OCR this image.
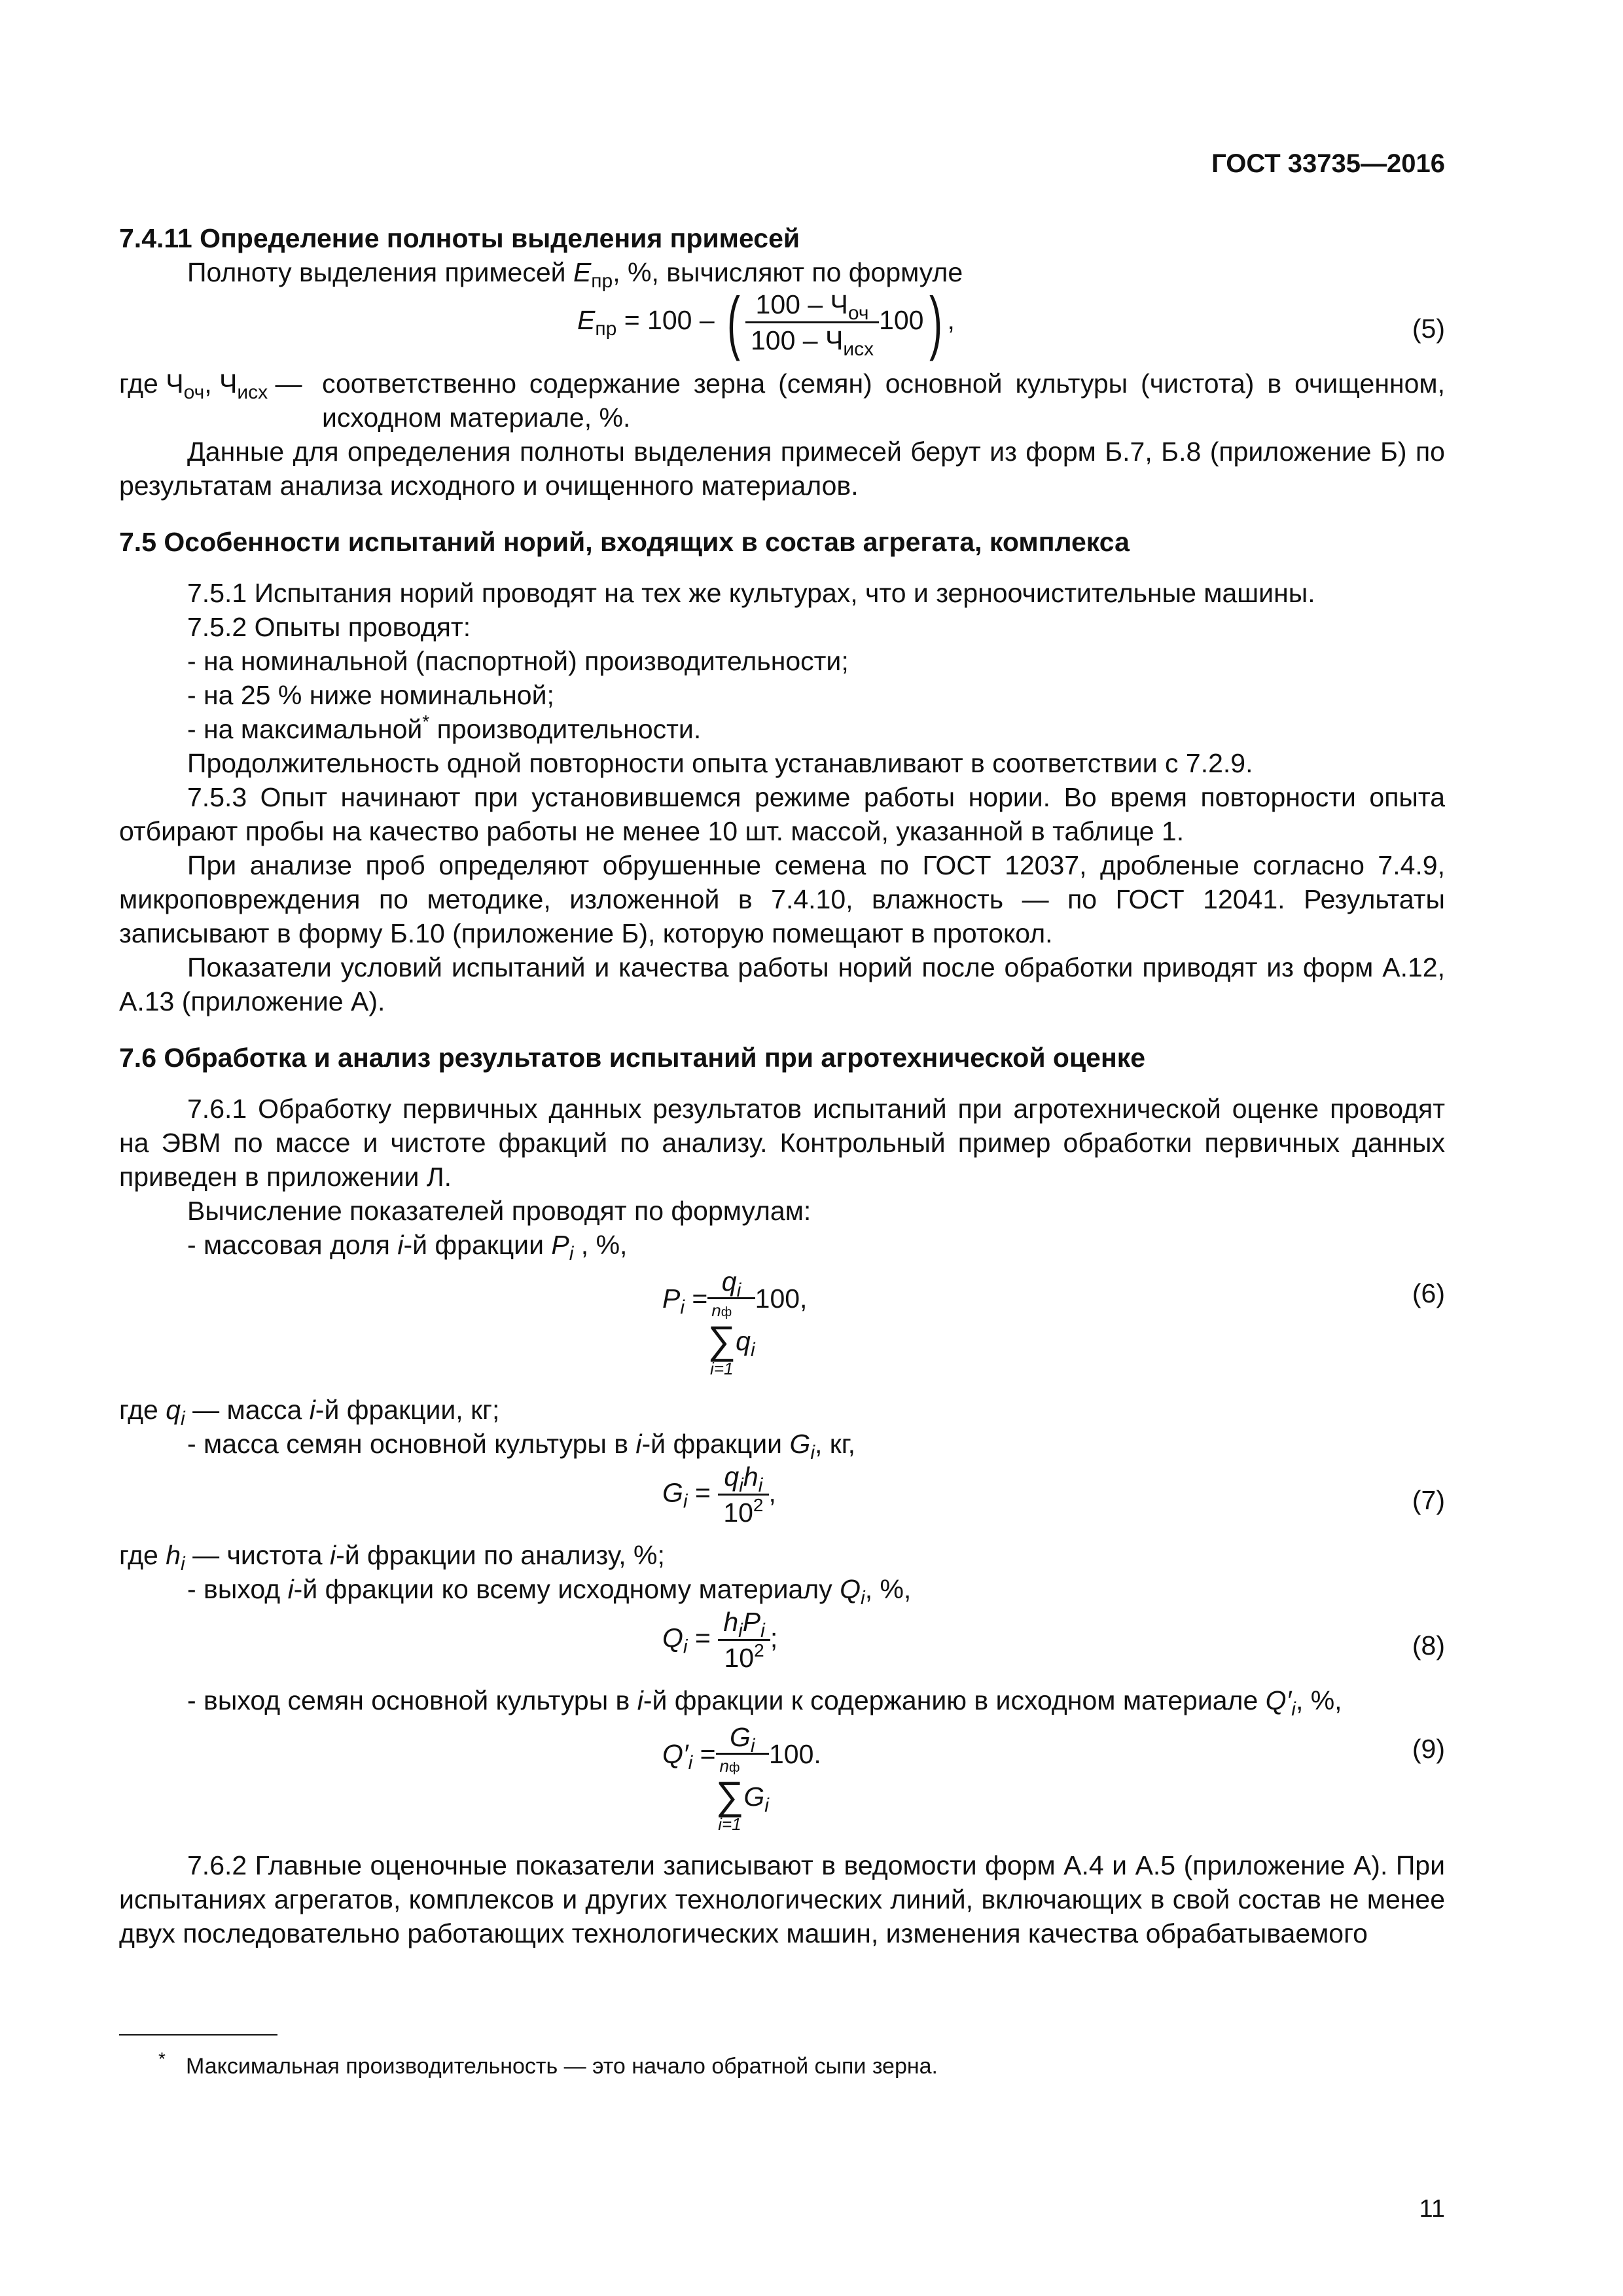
ГОСТ 33735—2016

7.4.11 Определение полноты выделения примесей

Полноту выделения примесей $E_{пр}$, %, вычисляют по формуле

$E_{пр} = 100$ – ( $\frac{100 - Ч_{оч}}{100 - Ч_{исх}} 100$) ,	(5)
где $Ч_{оч}$, $Ч_{исх}$ — соответственно содержание зерна (семян) основной культуры (чистота) в очищенном, исходном материале, %.

Данные для определения полноты выделения примесей берут из форм Б.7, Б.8 (приложение Б) по результатам анализа исходного и очищенного материалов.

7.5 Особенности испытаний норий, входящих в состав агрегата, комплекса

7.5.1 Испытания норий проводят на тех же культурах, что и зерноочистительные машины.

7.5.2 Опыты проводят:

- на номинальной (паспортной) производительности;

- на 25 % ниже номинальной;

- на максимальной* производительности.

Продолжительность одной повторности опыта устанавливают в соответствии с 7.2.9.

7.5.3 Опыт начинают при установившемся режиме работы нории. Во время повторности опыта отбирают пробы на качество работы не менее 10 шт. массой, указанной в таблице 1.

При анализе проб определяют обрушенные семена по ГОСТ 12037, дробленые согласно 7.4.9, микроповреждения по методике, изложенной в 7.4.10, влажность — по ГОСТ 12041. Результаты записывают в форму Б.10 (приложение Б), которую помещают в протокол.

Показатели условий испытаний и качества работы норий после обработки приводят из форм А.12, А.13 (приложение А).

7.6 Обработка и анализ результатов испытаний при агротехнической оценке

7.6.1 Обработку первичных данных результатов испытаний при агротехнической оценке проводят на ЭВМ по массе и чистоте фракций по анализу. Контрольный пример обработки первичных данных приведен в приложении Л.

Вычисление показателей проводят по формулам:

- массовая доля i-й фракции $P_i$ , %,

$P_i$ =
$q_i$
nф
∑
i=1
$q_i$
100,	(6)

где $q_i$ — масса i-й фракции, кг;

- масса семян основной культуры в i-й фракции $G_i$, кг,

$G_i = \frac{q_ih_i}{10^2}$ ,	(7)

где $h_i$ — чистота i-й фракции по анализу, %;

- выход i-й фракции ко всему исходному материалу $Q_i$, %,

$Q_i = \frac{h_iP_i}{10^2}$ ;	(8)

- выход семян основной культуры в i-й фракции к содержанию в исходном материале $Q'_i$, %,

$Q'_i$ =
$G_i$
nф
∑
i=1
$G_i$
100.	(9)

7.6.2 Главные оценочные показатели записывают в ведомости форм А.4 и А.5 (приложение А). При испытаниях агрегатов, комплексов и других технологических линий, включающих в свой состав не менее двух последовательно работающих технологических машин, изменения качества обрабатываемого

* Максимальная производительность — это начало обратной сыпи зерна.
11
